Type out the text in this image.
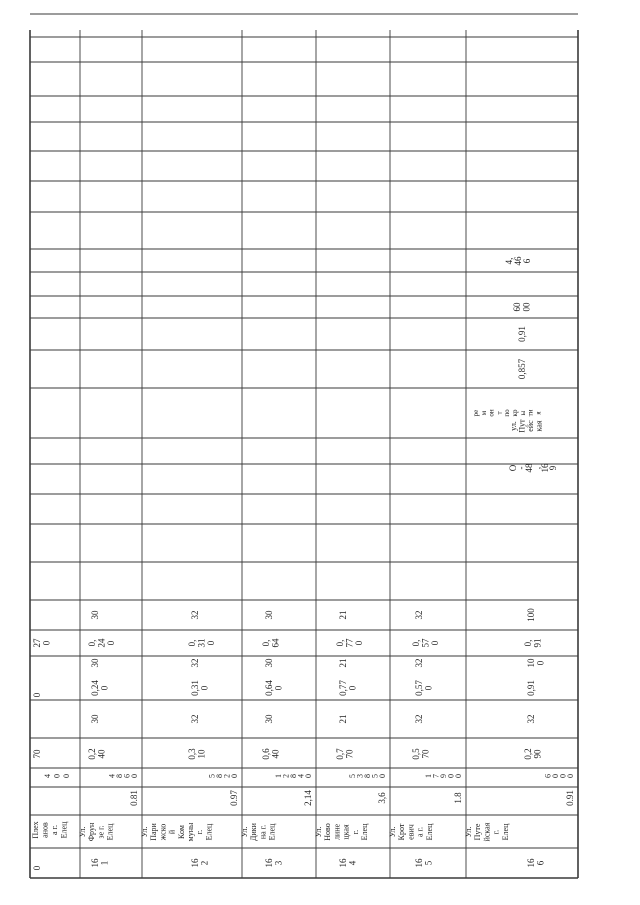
0
Плех анов а г. Елец
4 0 0
70
0
27 0
16 1
Ул. Фрун зе г. Елец
0.81
4
8
6
0
0,2 40
30
0,24 0
30
0, 24 0
30
16 2
Ул. Пари жско й Ком муны г. Елец
0.97
5
8
2
0
0,3 10
32
0,31 0
32
0, 31 0
32
16 3
Ул. Дики на г. Елец
2,14
1
2
8
4
0
0,6 40
30
0,64 0
30
0, 64
30
16 4
Ул. Ново лине цкая г. Елец
3,6
5
3
8
5
0
0,7 70
21
0,77 0
21
0, 77 0
21
16 5
Ул. Крот евич а г. Елец
1.8
1
7
9
0
0
0,5 70
32
0,57 0
32
0, 57 0
32
16 6
Ул. Путе йская г. Елец
0.91
6
0
0
0
0,2 90
32
0,91
10 0
0, 91
100
О
-
48
,
16
9
ул. Пут ейс кая
ре м он т по кр ы ти я
0,857
0,91
60 00
4, 46 6
